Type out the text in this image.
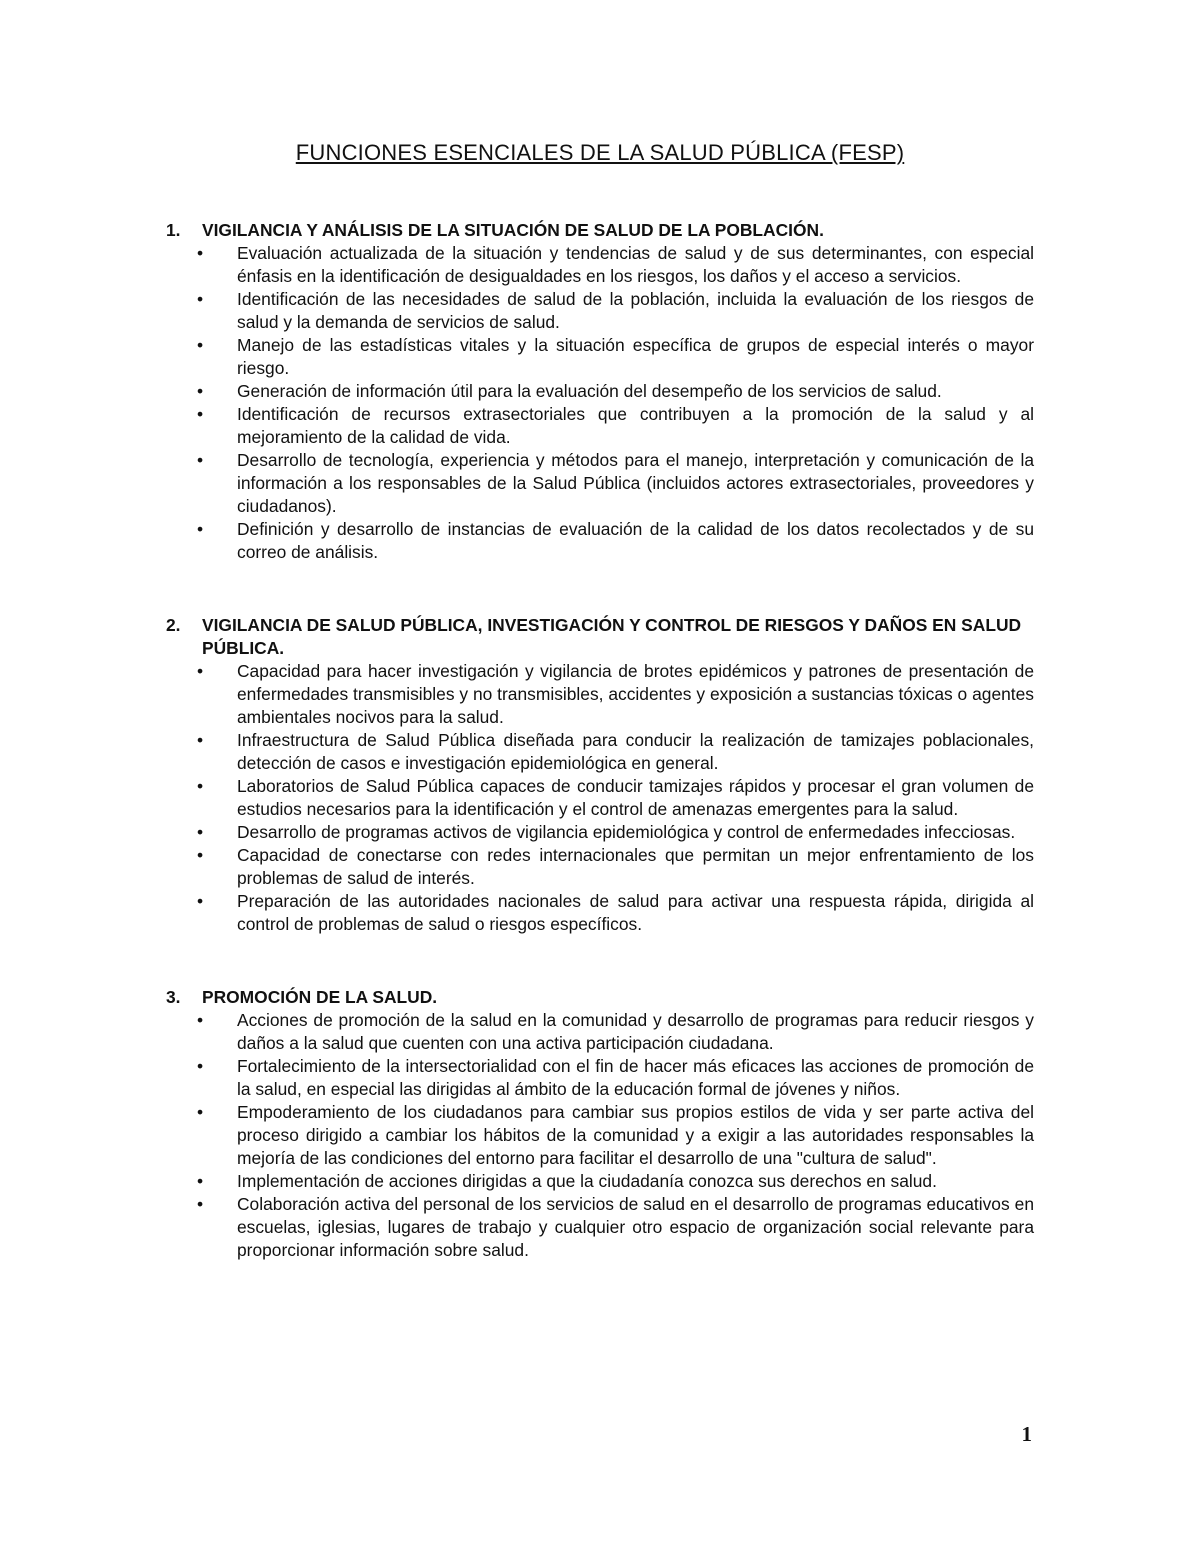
FUNCIONES ESENCIALES DE LA SALUD PÚBLICA (FESP)
1.	VIGILANCIA Y ANÁLISIS DE LA SITUACIÓN DE SALUD DE LA POBLACIÓN.
•	Evaluación actualizada de la situación y tendencias de salud y de sus determinantes, con especial énfasis en la identificación de desigualdades en los riesgos, los daños y el acceso a servicios.
•	Identificación de las necesidades de salud de la población, incluida la evaluación de los riesgos de salud y la demanda de servicios de salud.
•	Manejo de las estadísticas vitales y la situación específica de grupos de especial interés o mayor riesgo.
•	Generación de información útil para la evaluación del desempeño de los servicios de salud.
•	Identificación de recursos extrasectoriales que contribuyen a la promoción de la salud y al mejoramiento de la calidad de vida.
•	Desarrollo de tecnología, experiencia y métodos para el manejo, interpretación y comunicación de la información a los responsables de la Salud Pública (incluidos actores extrasectoriales, proveedores y ciudadanos).
•	Definición y desarrollo de instancias de evaluación de la calidad de los datos recolectados y de su correo de análisis.
2.	VIGILANCIA DE SALUD PÚBLICA, INVESTIGACIÓN Y CONTROL DE RIESGOS Y DAÑOS EN SALUD PÚBLICA.
•	Capacidad para hacer investigación y vigilancia de brotes epidémicos y patrones de presentación de enfermedades transmisibles y no transmisibles, accidentes y exposición a sustancias tóxicas o agentes ambientales nocivos para la salud.
•	Infraestructura de Salud Pública diseñada para conducir la realización de tamizajes poblacionales, detección de casos e investigación epidemiológica en general.
•	Laboratorios de Salud Pública capaces de conducir tamizajes rápidos y procesar el gran volumen de estudios necesarios para la identificación y el control de amenazas emergentes para la salud.
•	Desarrollo de programas activos de vigilancia epidemiológica y control de enfermedades infecciosas.
•	Capacidad de conectarse con redes internacionales que permitan un mejor enfrentamiento de los problemas de salud de interés.
•	Preparación de las autoridades nacionales de salud para activar una respuesta rápida, dirigida al control de problemas de salud o riesgos específicos.
3.	PROMOCIÓN DE LA SALUD.
•	Acciones de promoción de la salud en la comunidad y desarrollo de programas para reducir riesgos y daños a la salud que cuenten con una activa participación ciudadana.
•	Fortalecimiento de la intersectorialidad con el fin de hacer más eficaces las acciones de promoción de la salud, en especial las dirigidas al ámbito de la educación formal de jóvenes y niños.
•	Empoderamiento de los ciudadanos para cambiar sus propios estilos de vida y ser parte activa del proceso dirigido a cambiar los hábitos de la comunidad y a exigir a las autoridades responsables la mejoría de las condiciones del entorno para facilitar el desarrollo de una "cultura de salud".
•	Implementación de acciones dirigidas a que la ciudadanía conozca sus derechos en salud.
•	Colaboración activa del personal de los servicios de salud en el desarrollo de programas educativos en escuelas, iglesias, lugares de trabajo y cualquier otro espacio de organización social relevante para proporcionar información sobre salud.
1
